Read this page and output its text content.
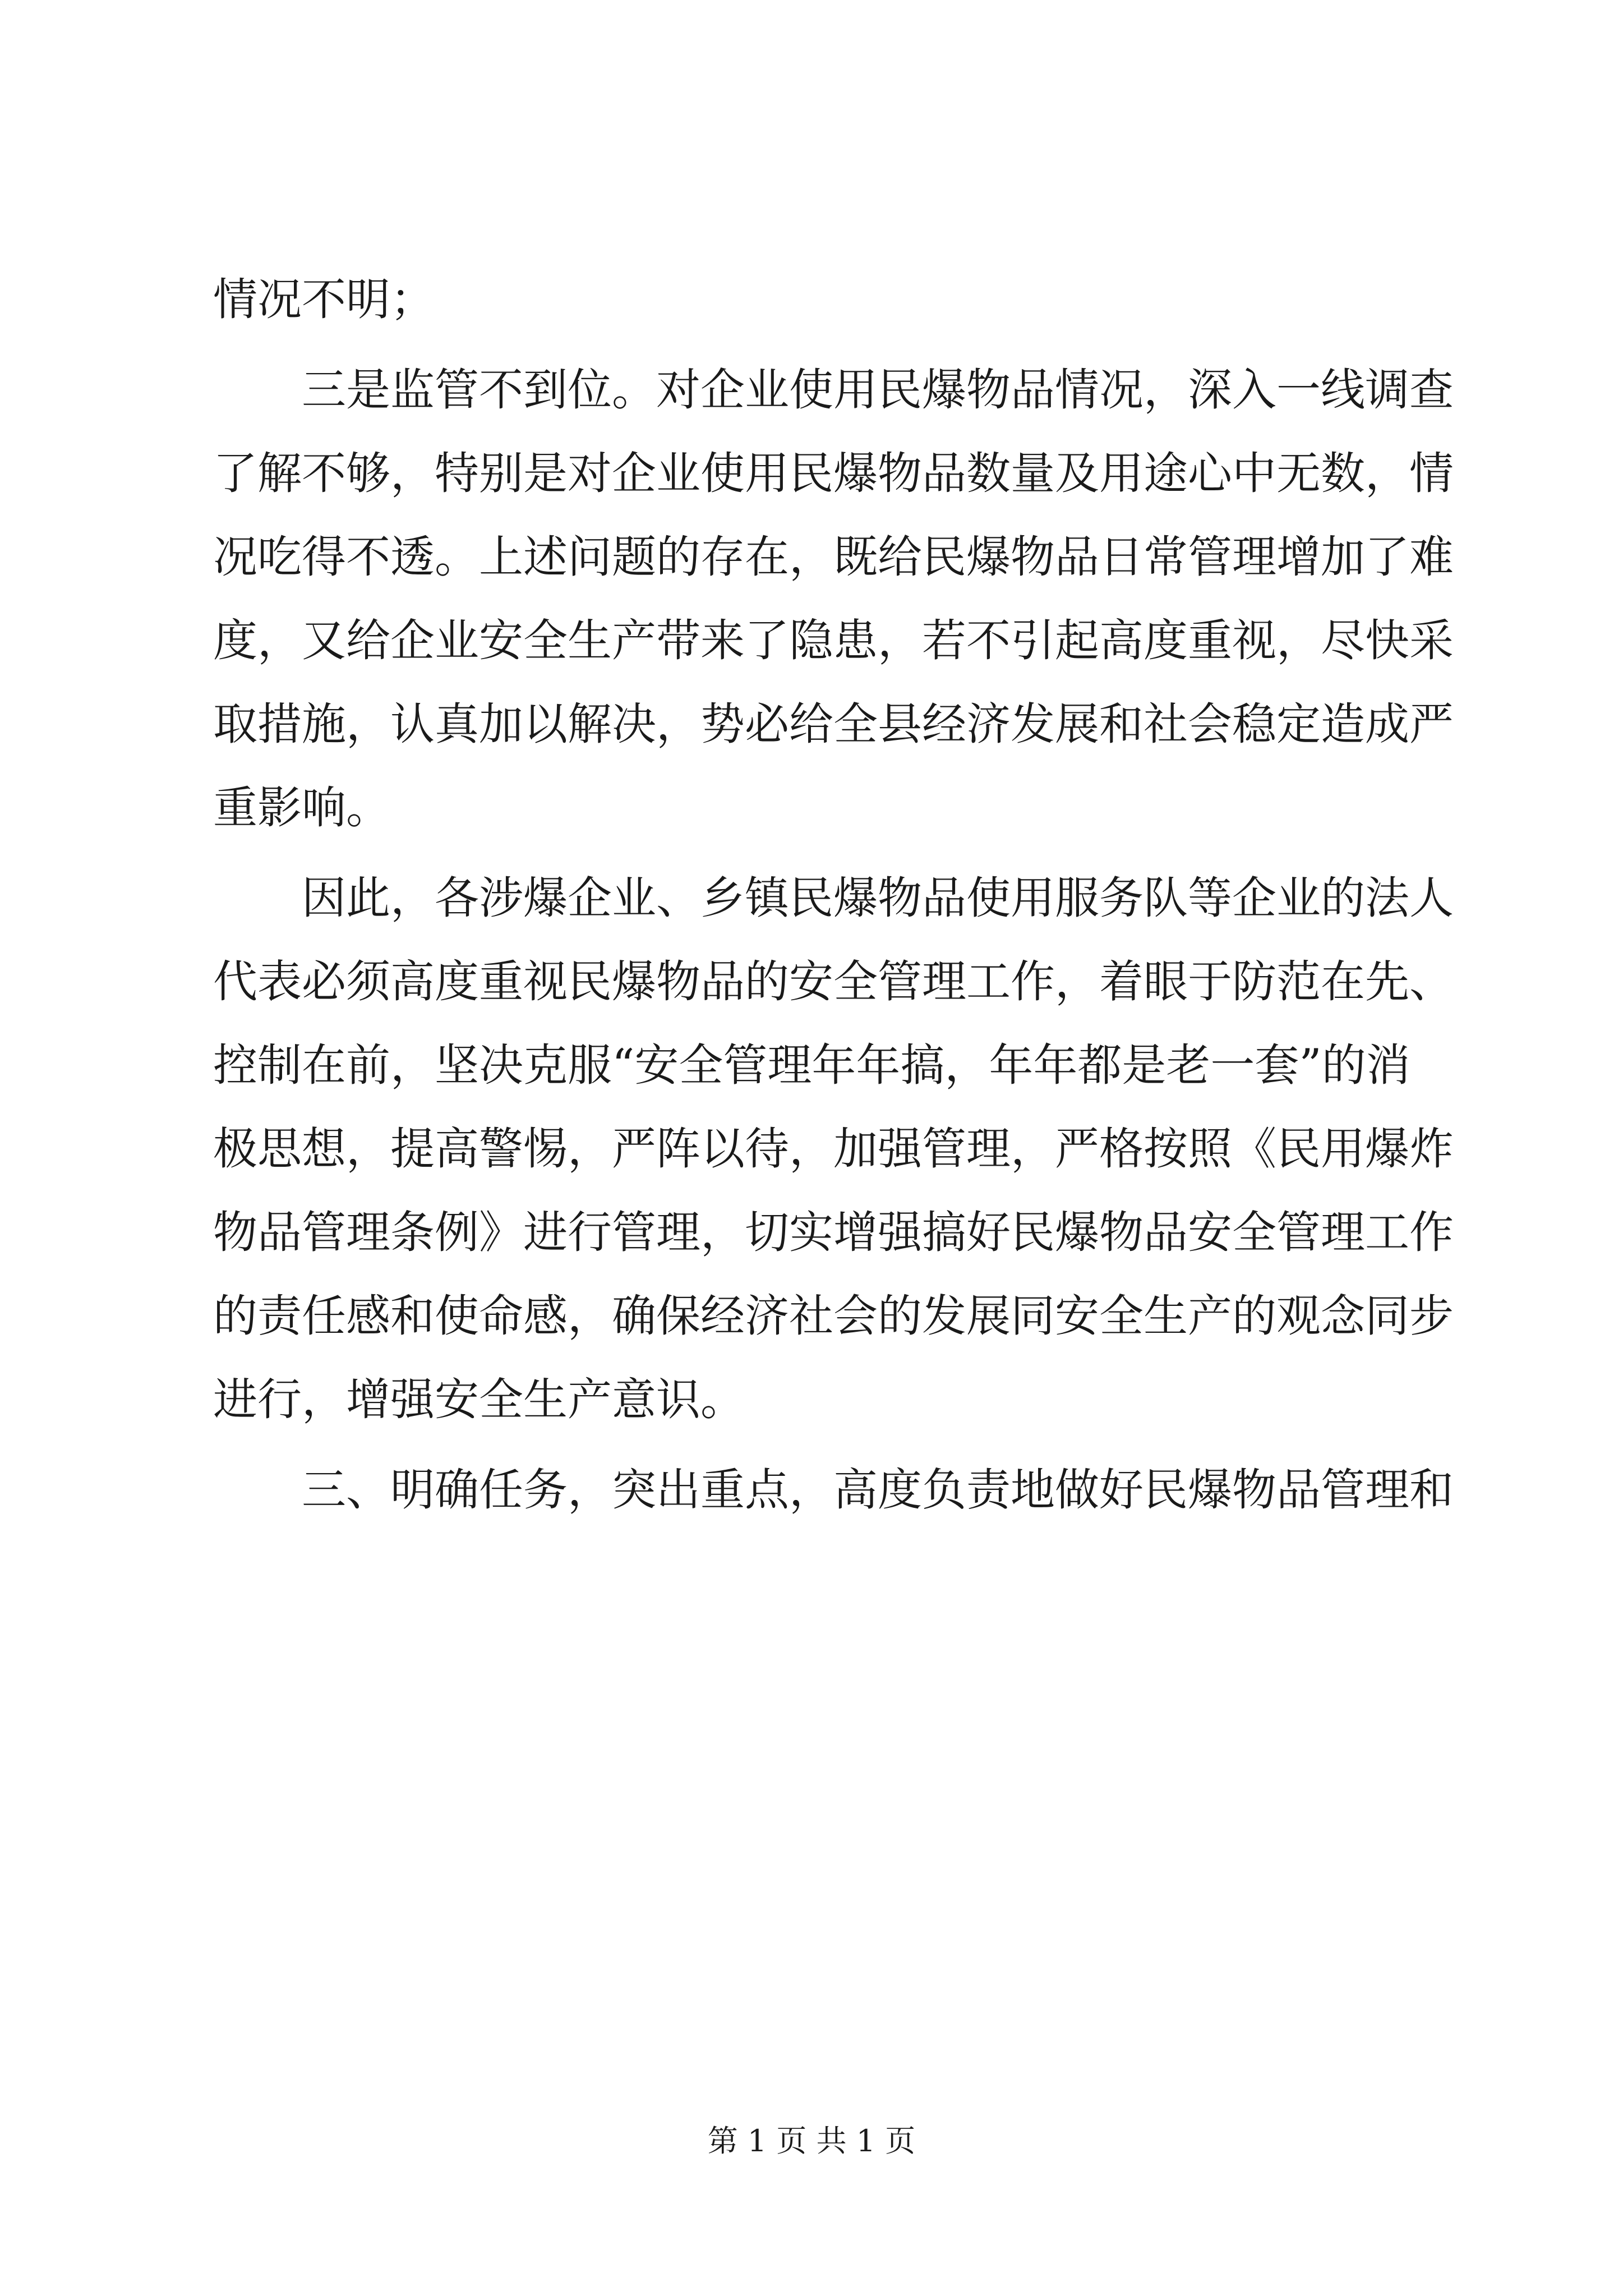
情况不明；
三是监管不到位。对企业使用民爆物品情况，深入一线调查
了解不够，特别是对企业使用民爆物品数量及用途心中无数，情
况吃得不透。上述问题的存在，既给民爆物品日常管理增加了难
度，又给企业安全生产带来了隐患，若不引起高度重视，尽快采
取措施，认真加以解决，势必给全县经济发展和社会稳定造成严
重影响。
因此，各涉爆企业、乡镇民爆物品使用服务队等企业的法人
代表必须高度重视民爆物品的安全管理工作，着眼于防范在先、
控制在前，坚决克服“安全管理年年搞，年年都是老一套”的消
极思想，提高警惕，严阵以待，加强管理，严格按照《民用爆炸
物品管理条例》进行管理，切实增强搞好民爆物品安全管理工作
的责任感和使命感，确保经济社会的发展同安全生产的观念同步
进行，增强安全生产意识。
三、明确任务，突出重点，高度负责地做好民爆物品管理和
第 1 页 共 1 页
